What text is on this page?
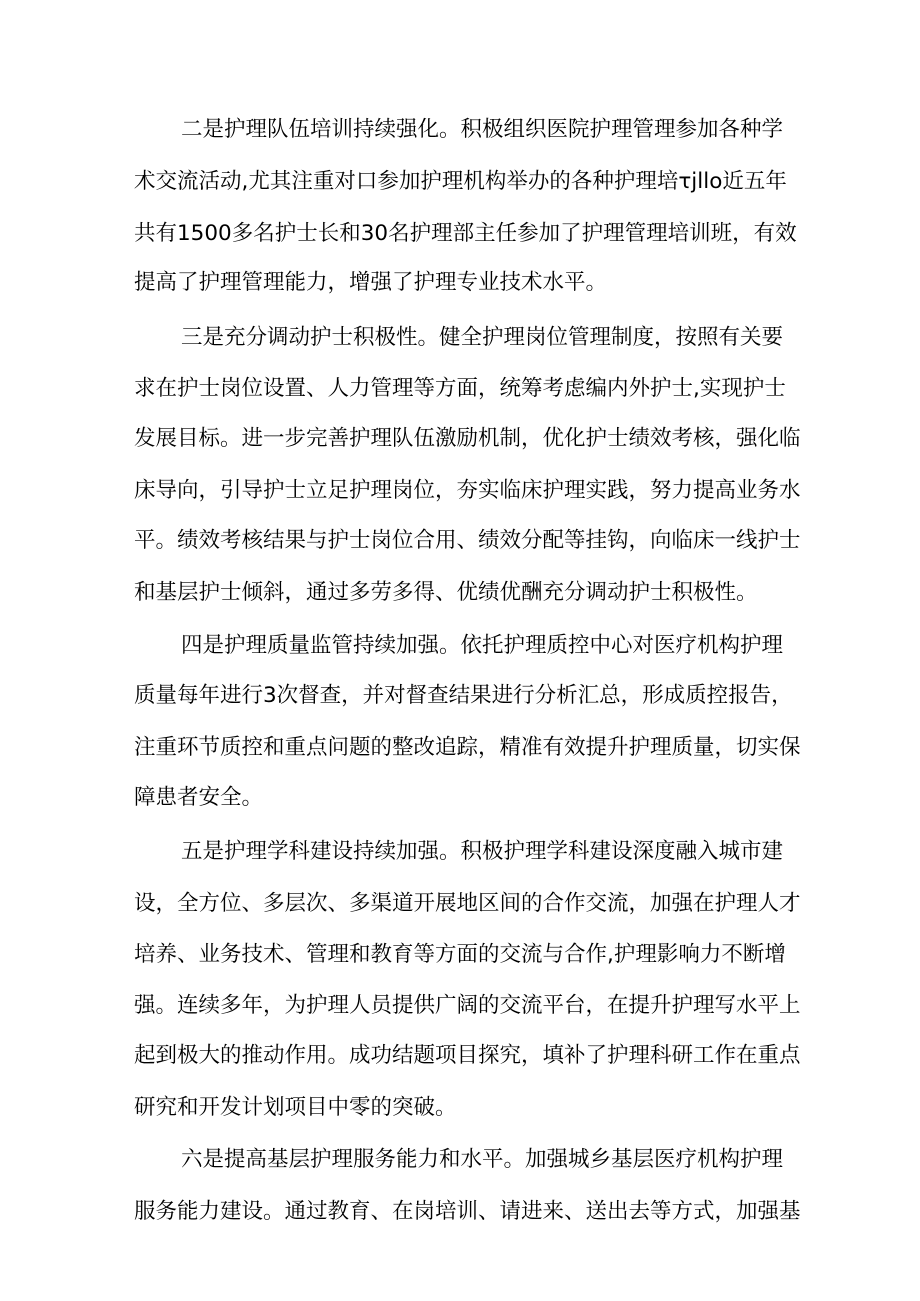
二是护理队伍培训持续强化。积极组织医院护理管理参加各种学

术交流活动,尤其注重对口参加护理机构举办的各种护理培τjllo近五年

共有1500多名护士长和30名护理部主任参加了护理管理培训班，有效

提高了护理管理能力，增强了护理专业技术水平。

三是充分调动护士积极性。健全护理岗位管理制度，按照有关要

求在护士岗位设置、人力管理等方面，统筹考虑编内外护士,实现护士

发展目标。进一步完善护理队伍激励机制，优化护士绩效考核，强化临

床导向，引导护士立足护理岗位，夯实临床护理实践，努力提高业务水

平。绩效考核结果与护士岗位合用、绩效分配等挂钩，向临床一线护士

和基层护士倾斜，通过多劳多得、优绩优酬充分调动护士积极性。

四是护理质量监管持续加强。依托护理质控中心对医疗机构护理

质量每年进行3次督查，并对督查结果进行分析汇总，形成质控报告，

注重环节质控和重点问题的整改追踪，精准有效提升护理质量，切实保

障患者安全。

五是护理学科建设持续加强。积极护理学科建设深度融入城市建

设，全方位、多层次、多渠道开展地区间的合作交流，加强在护理人才

培养、业务技术、管理和教育等方面的交流与合作,护理影响力不断增

强。连续多年，为护理人员提供广阔的交流平台，在提升护理写水平上

起到极大的推动作用。成功结题项目探究，填补了护理科研工作在重点

研究和开发计划项目中零的突破。

六是提高基层护理服务能力和水平。加强城乡基层医疗机构护理

服务能力建设。通过教育、在岗培训、请进来、送出去等方式，加强基
